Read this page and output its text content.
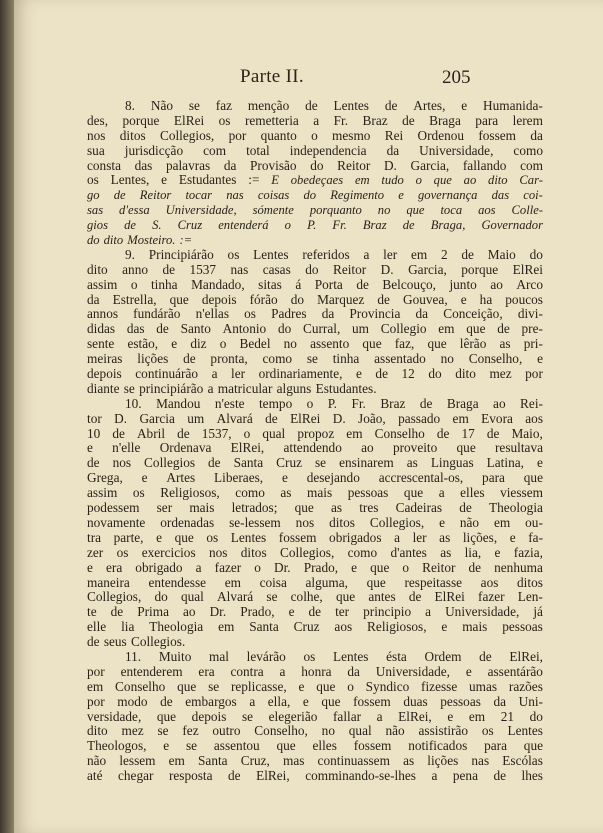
Parte II.	205
8. Não se faz menção de Lentes de Artes, e Humanida-
des, porque ElRei os remetteria a Fr. Braz de Braga para lerem
nos ditos Collegios, por quanto o mesmo Rei Ordenou fossem da
sua jurisdicção com total independencia da Universidade, como
consta das palavras da Provisão do Reitor D. Garcia, fallando com
os Lentes, e Estudantes := E obedeçaes em tudo o que ao dito Car-
go de Reitor tocar nas coisas do Regimento e governança das coi-
sas d'essa Universidade, sómente porquanto no que toca aos Colle-
gios de S. Cruz entenderá o P. Fr. Braz de Braga, Governador
do dito Mosteiro. :=
9. Principiárão os Lentes referidos a ler em 2 de Maio do
dito anno de 1537 nas casas do Reitor D. Garcia, porque ElRei
assim o tinha Mandado, sitas á Porta de Belcouço, junto ao Arco
da Estrella, que depois fórão do Marquez de Gouvea, e ha poucos
annos fundárão n'ellas os Padres da Provincia da Conceição, divi-
didas das de Santo Antonio do Curral, um Collegio em que de pre-
sente estão, e diz o Bedel no assento que faz, que lêrão as pri-
meiras lições de pronta, como se tinha assentado no Conselho, e
depois continuárão a ler ordinariamente, e de 12 do dito mez por
diante se principiárão a matricular alguns Estudantes.
10. Mandou n'este tempo o P. Fr. Braz de Braga ao Rei-
tor D. Garcia um Alvará de ElRei D. João, passado em Evora aos
10 de Abril de 1537, o qual propoz em Conselho de 17 de Maio,
e n'elle Ordenava ElRei, attendendo ao proveito que resultava
de nos Collegios de Santa Cruz se ensinarem as Linguas Latina, e
Grega, e Artes Liberaes, e desejando accrescental-os, para que
assim os Religiosos, como as mais pessoas que a elles viessem
podessem ser mais letrados; que as tres Cadeiras de Theologia
novamente ordenadas se-lessem nos ditos Collegios, e não em ou-
tra parte, e que os Lentes fossem obrigados a ler as lições, e fa-
zer os exercicios nos ditos Collegios, como d'antes as lia, e fazia,
e era obrigado a fazer o Dr. Prado, e que o Reitor de nenhuma
maneira entendesse em coisa alguma, que respeitasse aos ditos
Collegios, do qual Alvará se colhe, que antes de ElRei fazer Len-
te de Prima ao Dr. Prado, e de ter principio a Universidade, já
elle lia Theologia em Santa Cruz aos Religiosos, e mais pessoas
de seus Collegios.
11. Muito mal levárão os Lentes ésta Ordem de ElRei,
por entenderem era contra a honra da Universidade, e assentárão
em Conselho que se replicasse, e que o Syndico fizesse umas razões
por modo de embargos a ella, e que fossem duas pessoas da Uni-
versidade, que depois se elegerião fallar a ElRei, e em 21 do
dito mez se fez outro Conselho, no qual não assistirão os Lentes
Theologos, e se assentou que elles fossem notificados para que
não lessem em Santa Cruz, mas continuassem as lições nas Escólas
até chegar resposta de ElRei, comminando-se-lhes a pena de lhes
